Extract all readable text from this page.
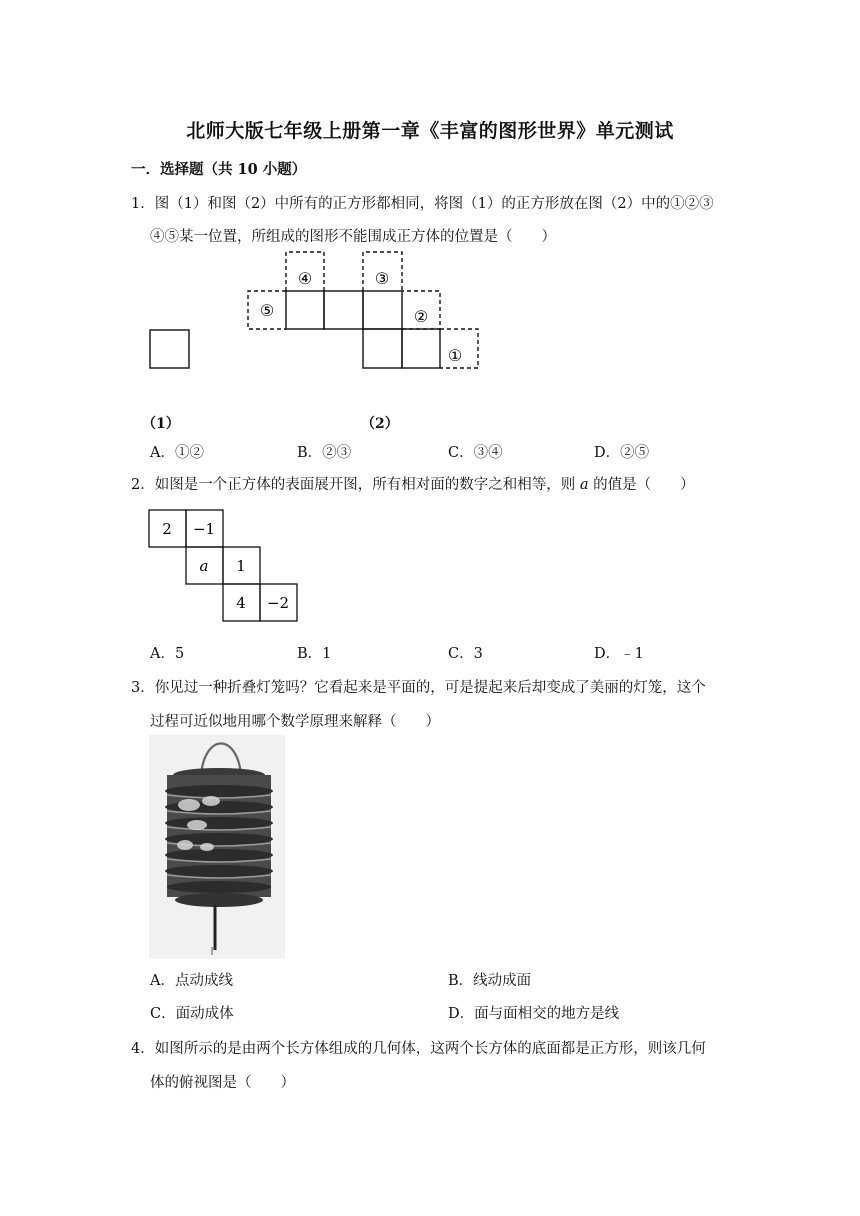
北师大版七年级上册第一章《丰富的图形世界》单元测试
一．选择题（共 10 小题）
1．图（1）和图（2）中所有的正方形都相同，将图（1）的正方形放在图（2）中的①②③
④⑤某一位置，所组成的图形不能围成正方体的位置是（　　）
④	③
⑤	②
①
（1）	（2）
A．①②	B．②③	C．③④	D．②⑤
2．如图是一个正方体的表面展开图，所有相对面的数字之和相等，则 a 的值是（　　）
2 −1
a 1
4 −2
A．5	B．1	C．3	D．﹣1
3．你见过一种折叠灯笼吗？它看起来是平面的，可是提起来后却变成了美丽的灯笼，这个
过程可近似地用哪个数学原理来解释（　　）
A．点动成线	B．线动成面
C．面动成体	D．面与面相交的地方是线
4．如图所示的是由两个长方体组成的几何体，这两个长方体的底面都是正方形，则该几何
体的俯视图是（　　）
